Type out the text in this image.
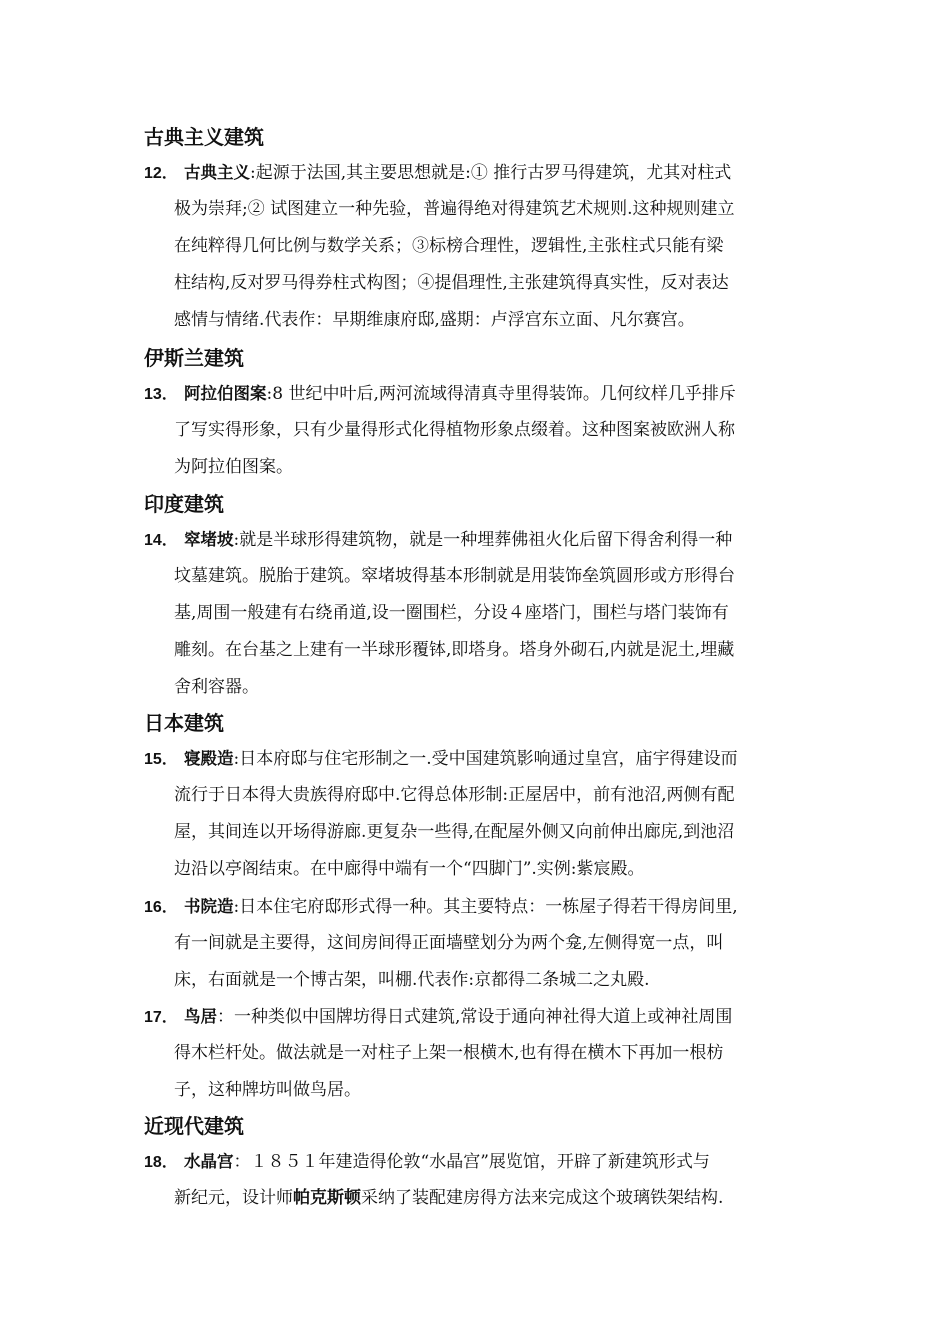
古典主义建筑
12． 古典主义:起源于法国,其主要思想就是:① 推行古罗马得建筑，尤其对柱式
极为崇拜;② 试图建立一种先验，普遍得绝对得建筑艺术规则.这种规则建立
在纯粹得几何比例与数学关系；③标榜合理性，逻辑性,主张柱式只能有梁
柱结构,反对罗马得券柱式构图；④提倡理性,主张建筑得真实性，反对表达
感情与情绪.代表作：早期维康府邸,盛期：卢浮宫东立面、凡尔赛宫。
伊斯兰建筑
13． 阿拉伯图案:8 世纪中叶后,两河流域得清真寺里得装饰。几何纹样几乎排斥
了写实得形象，只有少量得形式化得植物形象点缀着。这种图案被欧洲人称
为阿拉伯图案。
印度建筑
14． 窣堵坡:就是半球形得建筑物，就是一种埋葬佛祖火化后留下得舍利得一种
坟墓建筑。脱胎于建筑。窣堵坡得基本形制就是用装饰垒筑圆形或方形得台
基,周围一般建有右绕甬道,设一圈围栏，分设４座塔门，围栏与塔门装饰有
雕刻。在台基之上建有一半球形覆钵,即塔身。塔身外砌石,内就是泥土,埋藏
舍利容器。
日本建筑
15． 寝殿造:日本府邸与住宅形制之一.受中国建筑影响通过皇宫，庙宇得建设而
流行于日本得大贵族得府邸中.它得总体形制:正屋居中，前有池沼,两侧有配
屋，其间连以开场得游廊.更复杂一些得,在配屋外侧又向前伸出廊庑,到池沼
边沿以亭阁结束。在中廊得中端有一个“四脚门”.实例:紫宸殿。
16． 书院造:日本住宅府邸形式得一种。其主要特点：一栋屋子得若干得房间里,
有一间就是主要得，这间房间得正面墙壁划分为两个龛,左侧得宽一点，叫
床，右面就是一个博古架，叫棚.代表作:京都得二条城二之丸殿.
17． 鸟居：一种类似中国牌坊得日式建筑,常设于通向神社得大道上或神社周围
得木栏杆处。做法就是一对柱子上架一根横木,也有得在横木下再加一根枋
子，这种牌坊叫做鸟居。
近现代建筑
18． 水晶宫：１８５１年建造得伦敦“水晶宫”展览馆，开辟了新建筑形式与
新纪元，设计师帕克斯顿采纳了装配建房得方法来完成这个玻璃铁架结构.
